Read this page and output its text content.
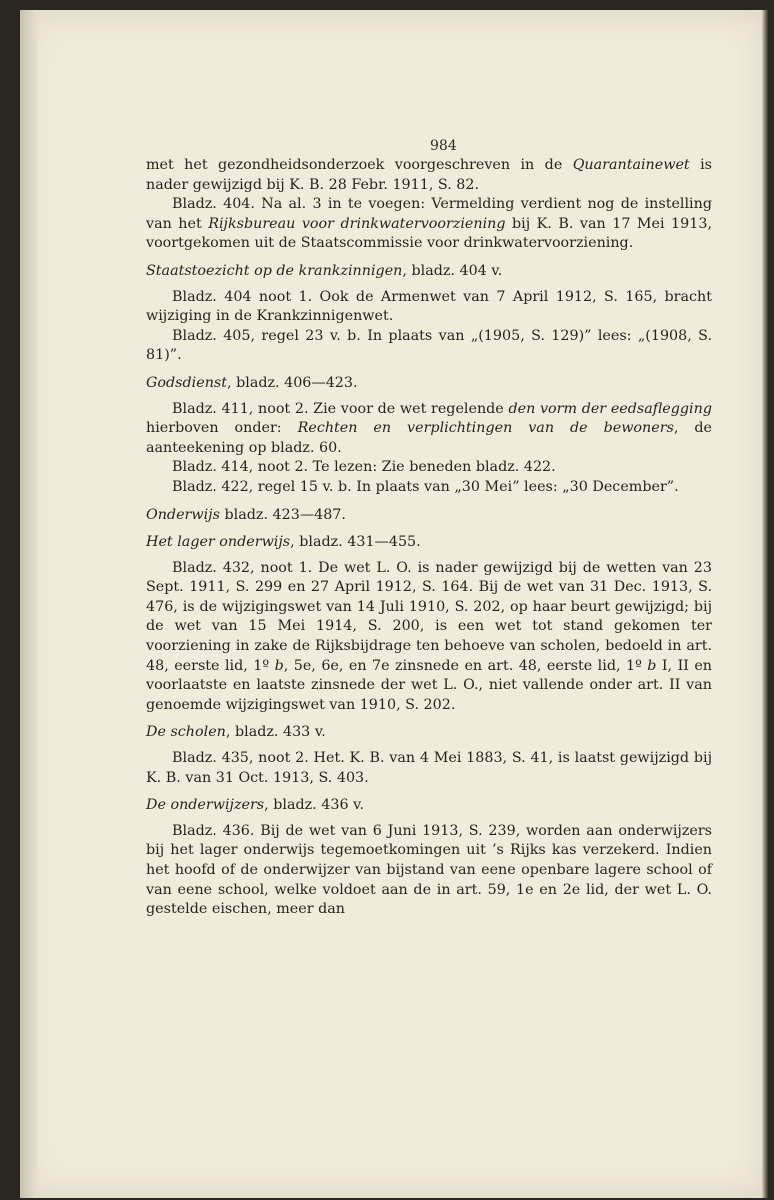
984

met het gezondheidsonderzoek voorgeschreven in de Quarantainewet is nader gewijzigd bij K. B. 28 Febr. 1911, S. 82.

Bladz. 404. Na al. 3 in te voegen: Vermelding verdient nog de instelling van het Rijksbureau voor drinkwatervoorziening bij K. B. van 17 Mei 1913, voortgekomen uit de Staatscommissie voor drinkwatervoorziening.

Staatstoezicht op de krankzinnigen, bladz. 404 v.

Bladz. 404 noot 1. Ook de Armenwet van 7 April 1912, S. 165, bracht wijziging in de Krankzinnigenwet.

Bladz. 405, regel 23 v. b. In plaats van „(1905, S. 129)” lees: „(1908, S. 81)”.

Godsdienst, bladz. 406—423.

Bladz. 411, noot 2. Zie voor de wet regelende den vorm der eedsaflegging hierboven onder: Rechten en verplichtingen van de bewoners, de aanteekening op bladz. 60.

Bladz. 414, noot 2. Te lezen: Zie beneden bladz. 422.

Bladz. 422, regel 15 v. b. In plaats van „30 Mei” lees: „30 December”.

Onderwijs bladz. 423—487.

Het lager onderwijs, bladz. 431—455.

Bladz. 432, noot 1. De wet L. O. is nader gewijzigd bij de wetten van 23 Sept. 1911, S. 299 en 27 April 1912, S. 164. Bij de wet van 31 Dec. 1913, S. 476, is de wijzigingswet van 14 Juli 1910, S. 202, op haar beurt gewijzigd; bij de wet van 15 Mei 1914, S. 200, is een wet tot stand gekomen ter voorziening in zake de Rijksbijdrage ten behoeve van scholen, bedoeld in art. 48, eerste lid, 1º b, 5e, 6e, en 7e zinsnede en art. 48, eerste lid, 1º b I, II en voorlaatste en laatste zinsnede der wet L. O., niet vallende onder art. II van genoemde wijzigingswet van 1910, S. 202.

De scholen, bladz. 433 v.

Bladz. 435, noot 2. Het. K. B. van 4 Mei 1883, S. 41, is laatst gewijzigd bij K. B. van 31 Oct. 1913, S. 403.

De onderwijzers, bladz. 436 v.

Bladz. 436. Bij de wet van 6 Juni 1913, S. 239, worden aan onderwijzers bij het lager onderwijs tegemoetkomingen uit ’s Rijks kas verzekerd. Indien het hoofd of de onderwijzer van bijstand van eene openbare lagere school of van eene school, welke voldoet aan de in art. 59, 1e en 2e lid, der wet L. O. gestelde eischen, meer dan
